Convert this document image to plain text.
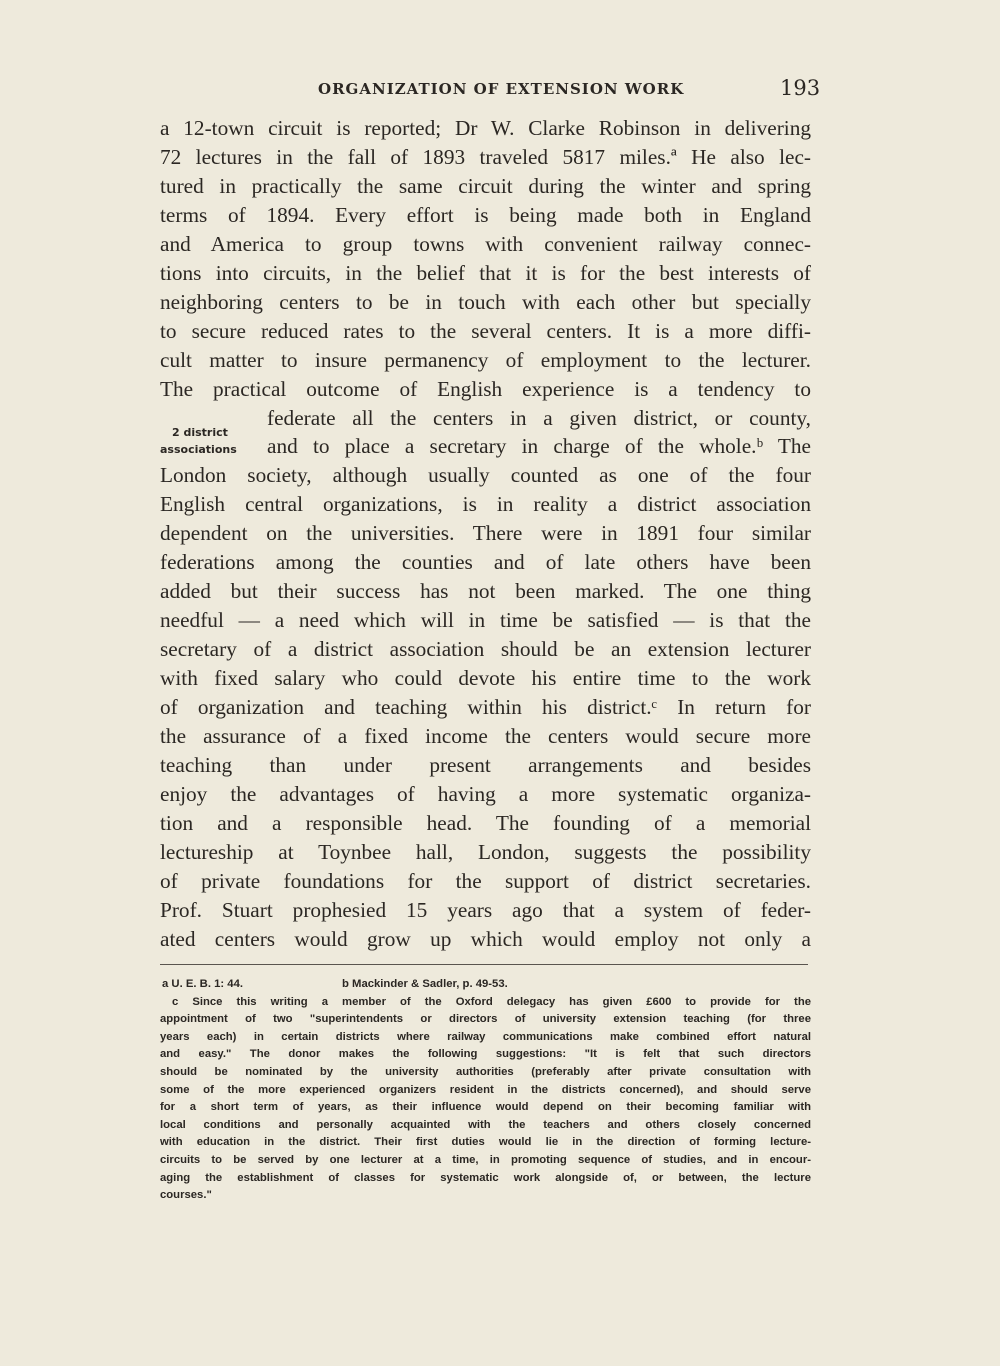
ORGANIZATION OF EXTENSION WORK	193
2 district
associations
a 12-town circuit is reported; Dr W. Clarke Robinson in delivering
72 lectures in the fall of 1893 traveled 5817 miles.ª He also lec-
tured in practically the same circuit during the winter and spring
terms of 1894. Every effort is being made both in England
and America to group towns with convenient railway connec-
tions into circuits, in the belief that it is for the best interests of
neighboring centers to be in touch with each other but specially
to secure reduced rates to the several centers. It is a more diffi-
cult matter to insure permanency of employment to the lecturer.
The practical outcome of English experience is a tendency to
federate all the centers in a given district, or county,
and to place a secretary in charge of the whole.ᵇ The
London society, although usually counted as one of the four
English central organizations, is in reality a district association
dependent on the universities. There were in 1891 four similar
federations among the counties and of late others have been
added but their success has not been marked. The one thing
needful — a need which will in time be satisfied — is that the
secretary of a district association should be an extension lecturer
with fixed salary who could devote his entire time to the work
of organization and teaching within his district.ᶜ In return for
the assurance of a fixed income the centers would secure more
teaching than under present arrangements and besides
enjoy the advantages of having a more systematic organiza-
tion and a responsible head. The founding of a memorial
lectureship at Toynbee hall, London, suggests the possibility
of private foundations for the support of district secretaries.
Prof. Stuart prophesied 15 years ago that a system of feder-
ated centers would grow up which would employ not only a
a U. E. B. 1: 44.	b Mackinder & Sadler, p. 49-53.
c Since this writing a member of the Oxford delegacy has given £600 to provide for the
appointment of two "superintendents or directors of university extension teaching (for three
years each) in certain districts where railway communications make combined effort natural
and easy." The donor makes the following suggestions: "It is felt that such directors
should be nominated by the university authorities (preferably after private consultation with
some of the more experienced organizers resident in the districts concerned), and should serve
for a short term of years, as their influence would depend on their becoming familiar with
local conditions and personally acquainted with the teachers and others closely concerned
with education in the district. Their first duties would lie in the direction of forming lecture-
circuits to be served by one lecturer at a time, in promoting sequence of studies, and in encour-
aging the establishment of classes for systematic work alongside of, or between, the lecture
courses."
